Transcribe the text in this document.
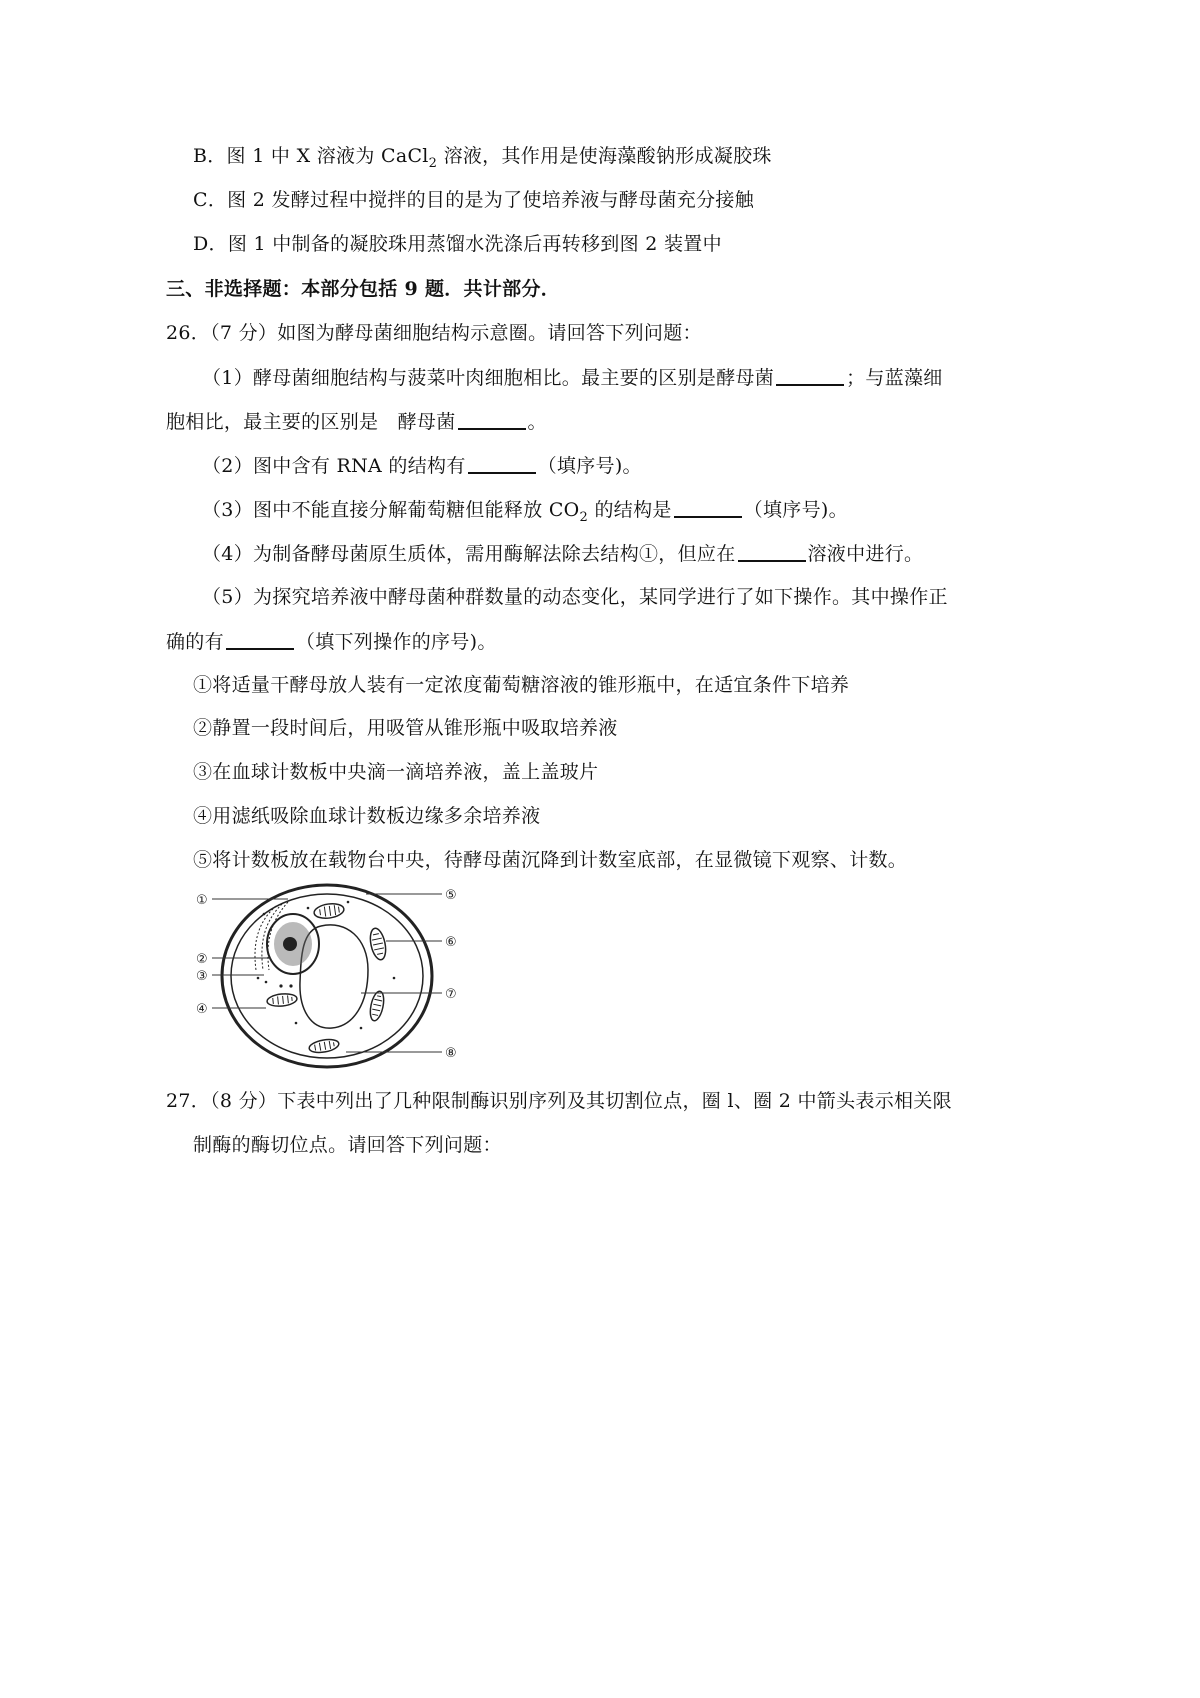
B．图 1 中 X 溶液为 CaCl$_2$ 溶液，其作用是使海藻酸钠形成凝胶珠
C．图 2 发酵过程中搅拌的目的是为了使培养液与酵母菌充分接触
D．图 1 中制备的凝胶珠用蒸馏水洗涤后再转移到图 2 装置中
三、非选择题：本部分包括 9 题．共计部分．
26．（7 分）如图为酵母菌细胞结构示意圈。请回答下列问题：
（1）酵母菌细胞结构与菠菜叶肉细胞相比。最主要的区别是酵母菌	；与蓝藻细
胞相比，最主要的区别是　酵母菌	。
（2）图中含有 RNA 的结构有	（填序号)。
（3）图中不能直接分解葡萄糖但能释放 $CO_2$ 的结构是	（填序号)。
（4）为制备酵母菌原生质体，需用酶解法除去结构①，但应在	溶液中进行。
（5）为探究培养液中酵母菌种群数量的动态变化，某同学进行了如下操作。其中操作正
确的有	（填下列操作的序号)。
①将适量干酵母放人装有一定浓度葡萄糖溶液的锥形瓶中，在适宜条件下培养
②静置一段时间后，用吸管从锥形瓶中吸取培养液
③在血球计数板中央滴一滴培养液，盖上盖玻片
④用滤纸吸除血球计数板边缘多余培养液
⑤将计数板放在载物台中央，待酵母菌沉降到计数室底部，在显微镜下观察、计数。
①
②
③
④
⑤
⑥
⑦
⑧
27．（8 分）下表中列出了几种限制酶识别序列及其切割位点，圈 l、圈 2 中箭头表示相关限
制酶的酶切位点。请回答下列问题：
